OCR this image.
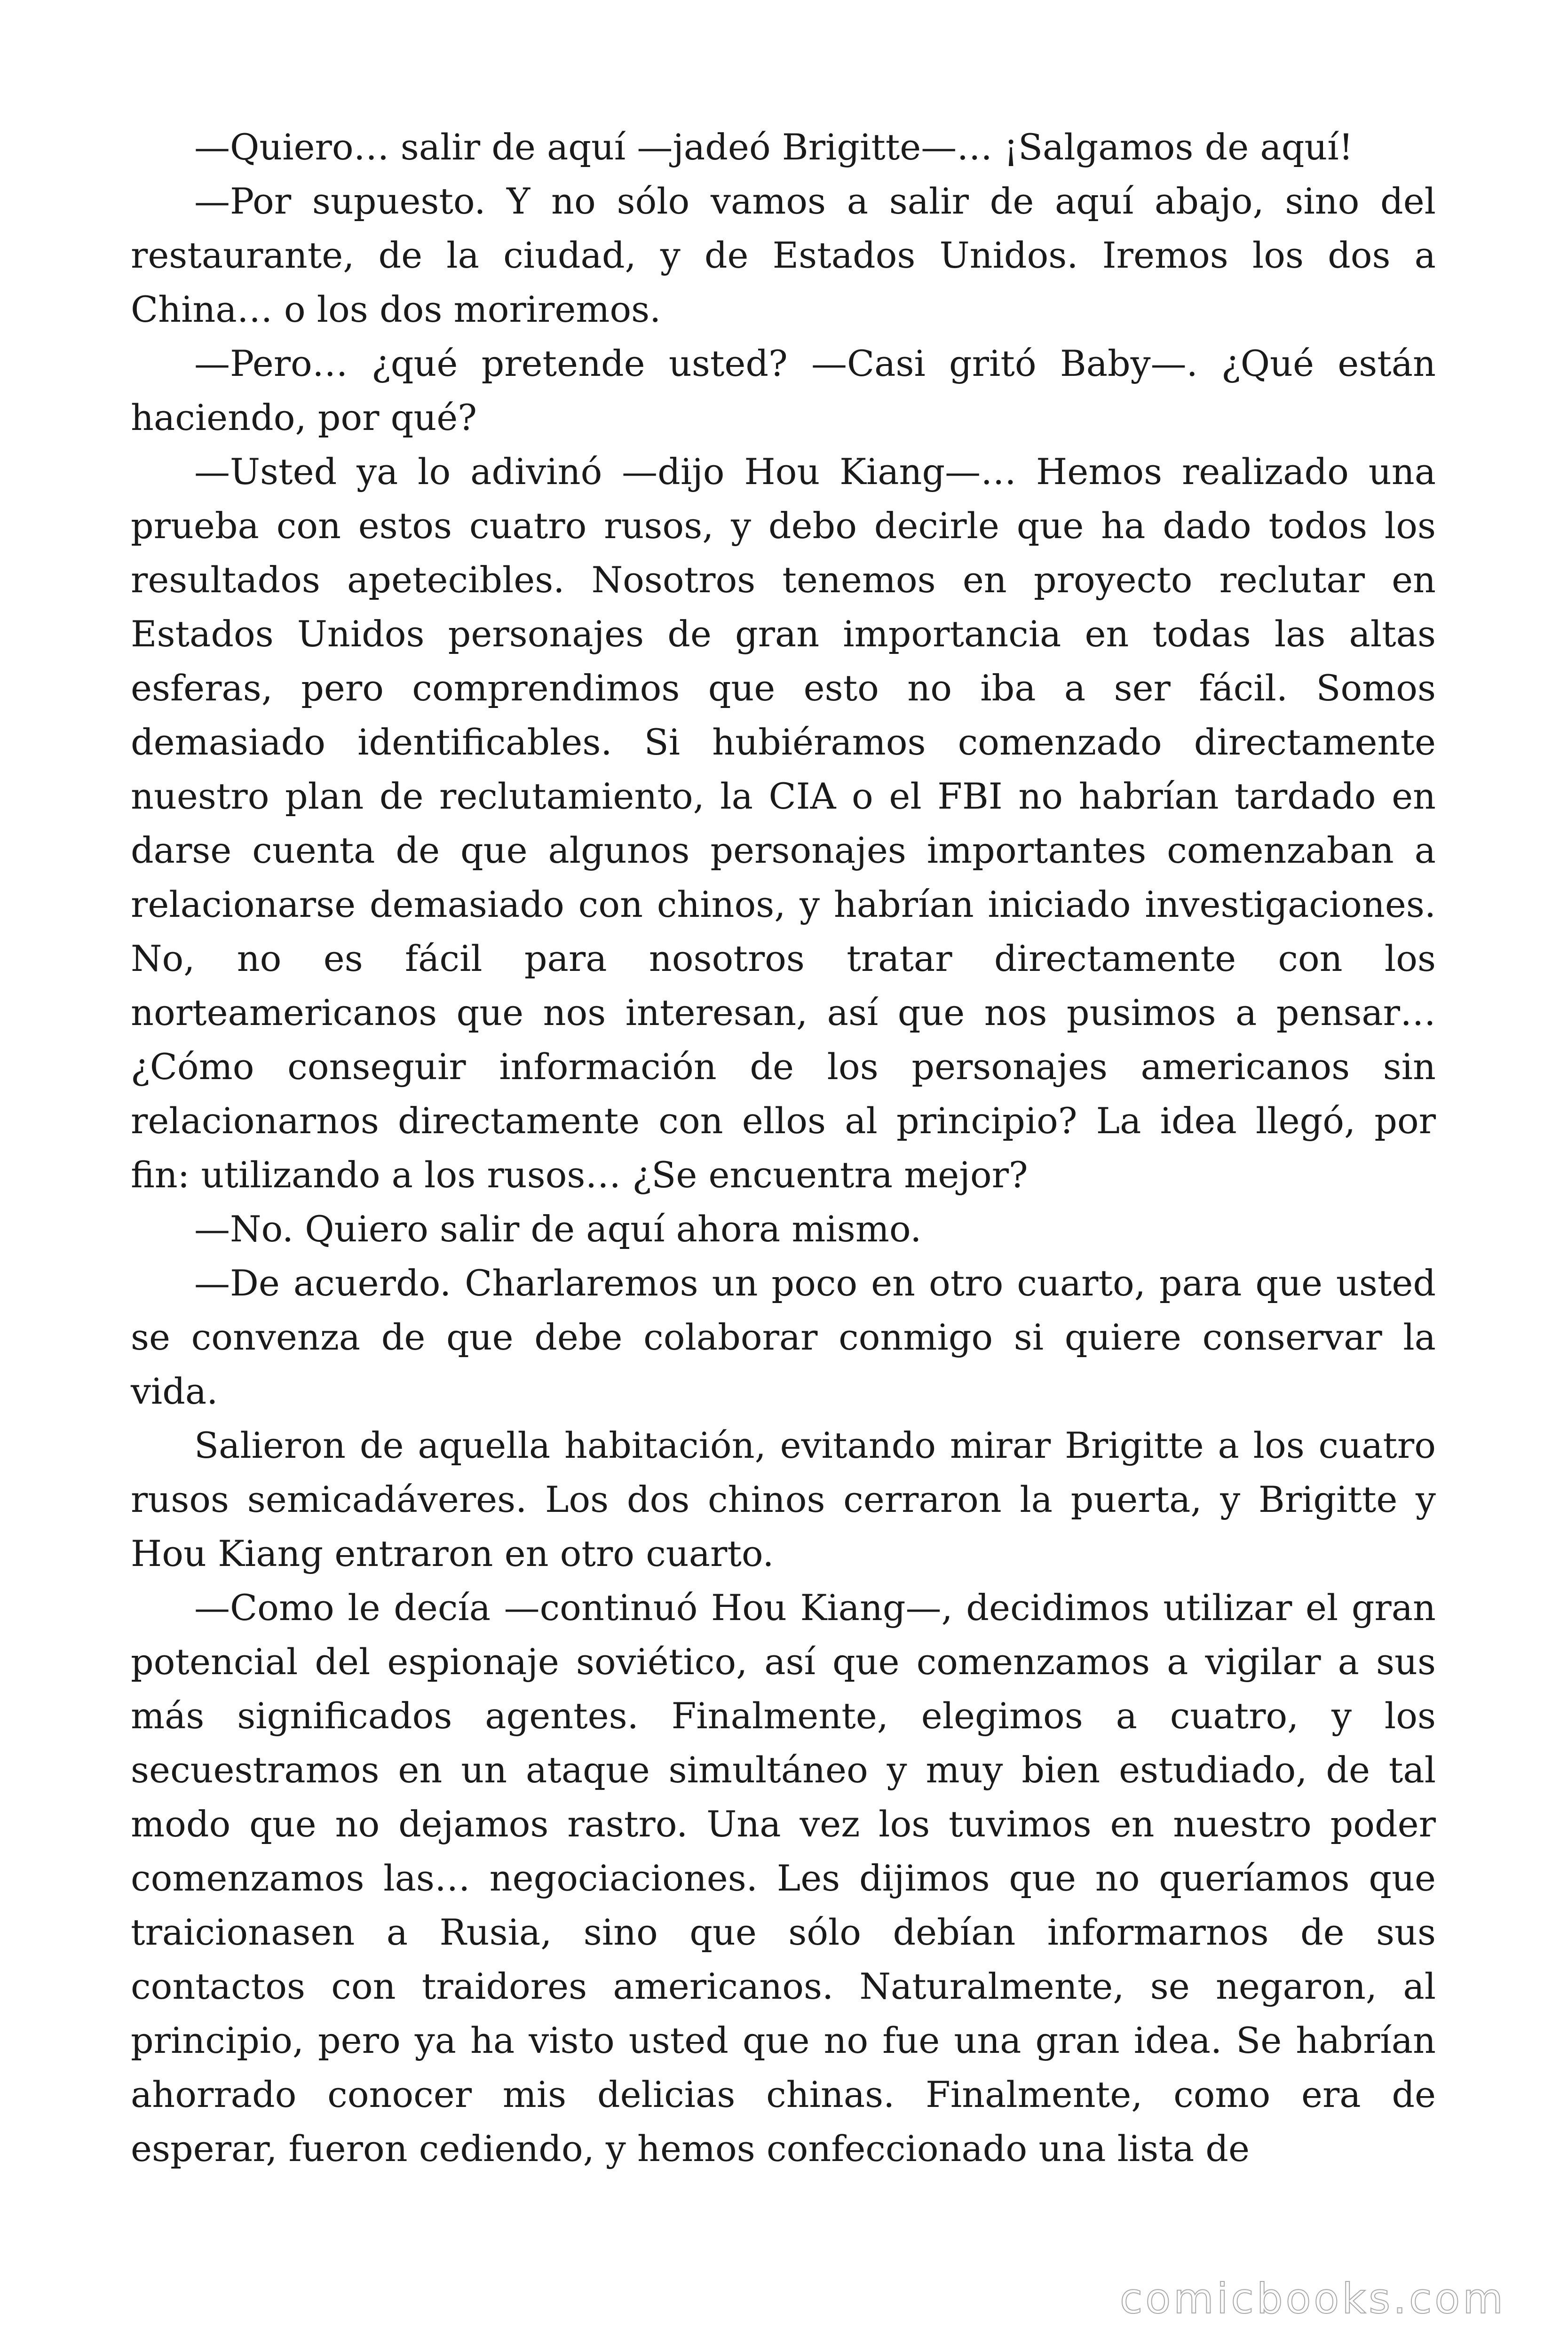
—Quiero… salir de aquí —jadeó Brigitte—… ¡Salgamos de aquí!

—Por supuesto. Y no sólo vamos a salir de aquí abajo, sino del restaurante, de la ciudad, y de Estados Unidos. Iremos los dos a China… o los dos moriremos.

—Pero… ¿qué pretende usted? —Casi gritó Baby—. ¿Qué están haciendo, por qué?

—Usted ya lo adivinó —dijo Hou Kiang—… Hemos realizado una prueba con estos cuatro rusos, y debo decirle que ha dado todos los resultados apetecibles. Nosotros tenemos en proyecto reclutar en Estados Unidos personajes de gran importancia en todas las altas esferas, pero comprendimos que esto no iba a ser fácil. Somos demasiado identificables. Si hubiéramos comenzado directamente nuestro plan de reclutamiento, la CIA o el FBI no habrían tardado en darse cuenta de que algunos personajes importantes comenzaban a relacionarse demasiado con chinos, y habrían iniciado investigaciones. No, no es fácil para nosotros tratar directamente con los norteamericanos que nos interesan, así que nos pusimos a pensar… ¿Cómo conseguir información de los personajes americanos sin relacionarnos directamente con ellos al principio? La idea llegó, por fin: utilizando a los rusos… ¿Se encuentra mejor?

—No. Quiero salir de aquí ahora mismo.

—De acuerdo. Charlaremos un poco en otro cuarto, para que usted se convenza de que debe colaborar conmigo si quiere conservar la vida.

Salieron de aquella habitación, evitando mirar Brigitte a los cuatro rusos semicadáveres. Los dos chinos cerraron la puerta, y Brigitte y Hou Kiang entraron en otro cuarto.

—Como le decía —continuó Hou Kiang—, decidimos utilizar el gran potencial del espionaje soviético, así que comenzamos a vigilar a sus más significados agentes. Finalmente, elegimos a cuatro, y los secuestramos en un ataque simultáneo y muy bien estudiado, de tal modo que no dejamos rastro. Una vez los tuvimos en nuestro poder comenzamos las… negociaciones. Les dijimos que no queríamos que traicionasen a Rusia, sino que sólo debían informarnos de sus contactos con traidores americanos. Naturalmente, se negaron, al principio, pero ya ha visto usted que no fue una gran idea. Se habrían ahorrado conocer mis delicias chinas. Finalmente, como era de esperar, fueron cediendo, y hemos confeccionado una lista de

comicbooks.com
